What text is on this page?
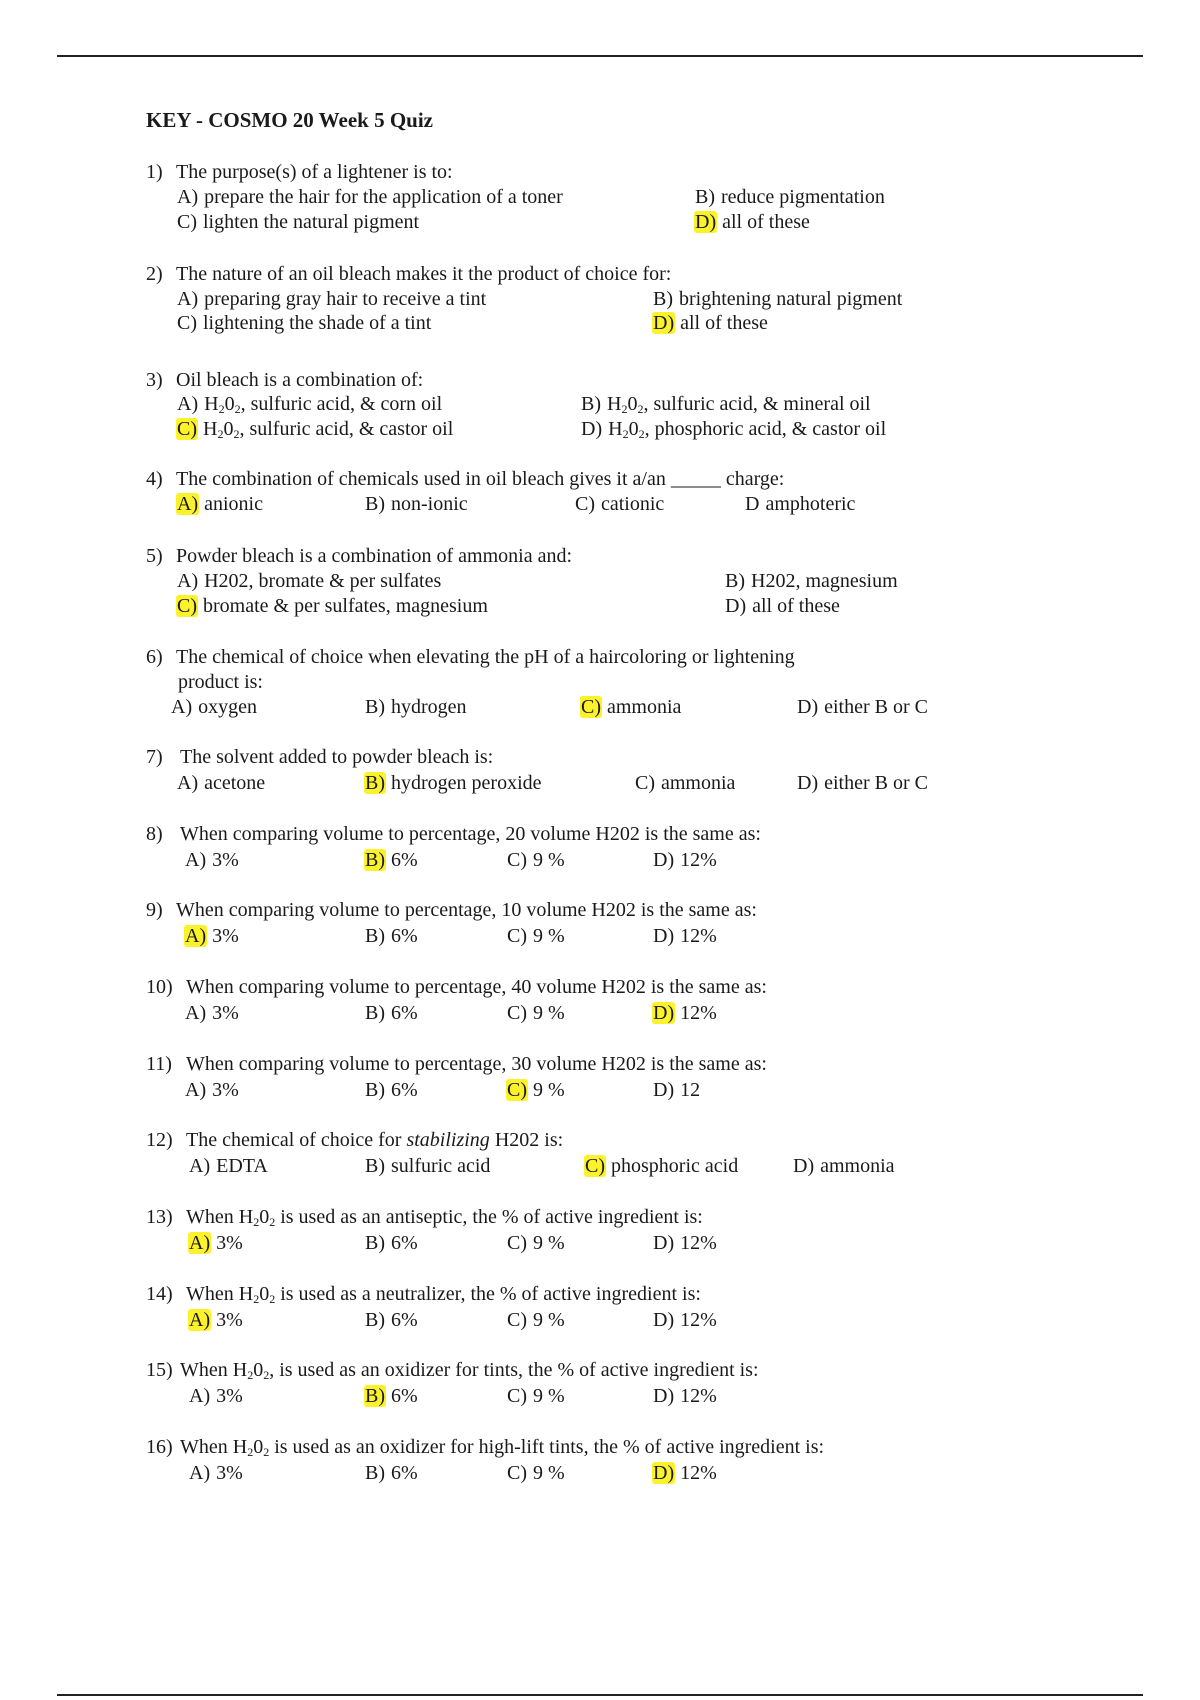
KEY - COSMO 20 Week 5 Quiz
1) The purpose(s) of a lightener is to:
A) prepare the hair for the application of a toner	B) reduce pigmentation
C) lighten the natural pigment	D) all of these
2) The nature of an oil bleach makes it the product of choice for:
A) preparing gray hair to receive a tint	B) brightening natural pigment
C) lightening the shade of a tint	D) all of these
3) Oil bleach is a combination of:
A) $H_20_2$, sulfuric acid, & corn oil	B) $H_20_2$, sulfuric acid, & mineral oil
C) $H_20_2$, sulfuric acid, & castor oil	D) $H_20_2$, phosphoric acid, & castor oil
4) The combination of chemicals used in oil bleach gives it a/an _____ charge:
A) anionic	B) non-ionic	C) cationic	D amphoteric
5) Powder bleach is a combination of ammonia and:
A) H202, bromate & per sulfates	B) H202, magnesium
C) bromate & per sulfates, magnesium	D) all of these
6) The chemical of choice when elevating the pH of a haircoloring or lightening
product is:
A) oxygen	B) hydrogen	C) ammonia	D) either B or C
7) The solvent added to powder bleach is:
A) acetone	B) hydrogen peroxide	C) ammonia	D) either B or C
8) When comparing volume to percentage, 20 volume H202 is the same as:
A) 3%	B) 6%	C) 9 %	D) 12%
9) When comparing volume to percentage, 10 volume H202 is the same as:
A) 3%	B) 6%	C) 9 %	D) 12%
10) When comparing volume to percentage, 40 volume H202 is the same as:
A) 3%	B) 6%	C) 9 %	D) 12%
11) When comparing volume to percentage, 30 volume H202 is the same as:
A) 3%	B) 6%	C) 9 %	D) 12
12) The chemical of choice for stabilizing H202 is:
A) EDTA	B) sulfuric acid	C) phosphoric acid	D) ammonia
13) When $H_20_2$ is used as an antiseptic, the % of active ingredient is:
A) 3%	B) 6%	C) 9 %	D) 12%
14) When $H_20_2$ is used as a neutralizer, the % of active ingredient is:
A) 3%	B) 6%	C) 9 %	D) 12%
15) When $H_20_2$, is used as an oxidizer for tints, the % of active ingredient is:
A) 3%	B) 6%	C) 9 %	D) 12%
16) When $H_20_2$ is used as an oxidizer for high-lift tints, the % of active ingredient is:
A) 3%	B) 6%	C) 9 %	D) 12%
